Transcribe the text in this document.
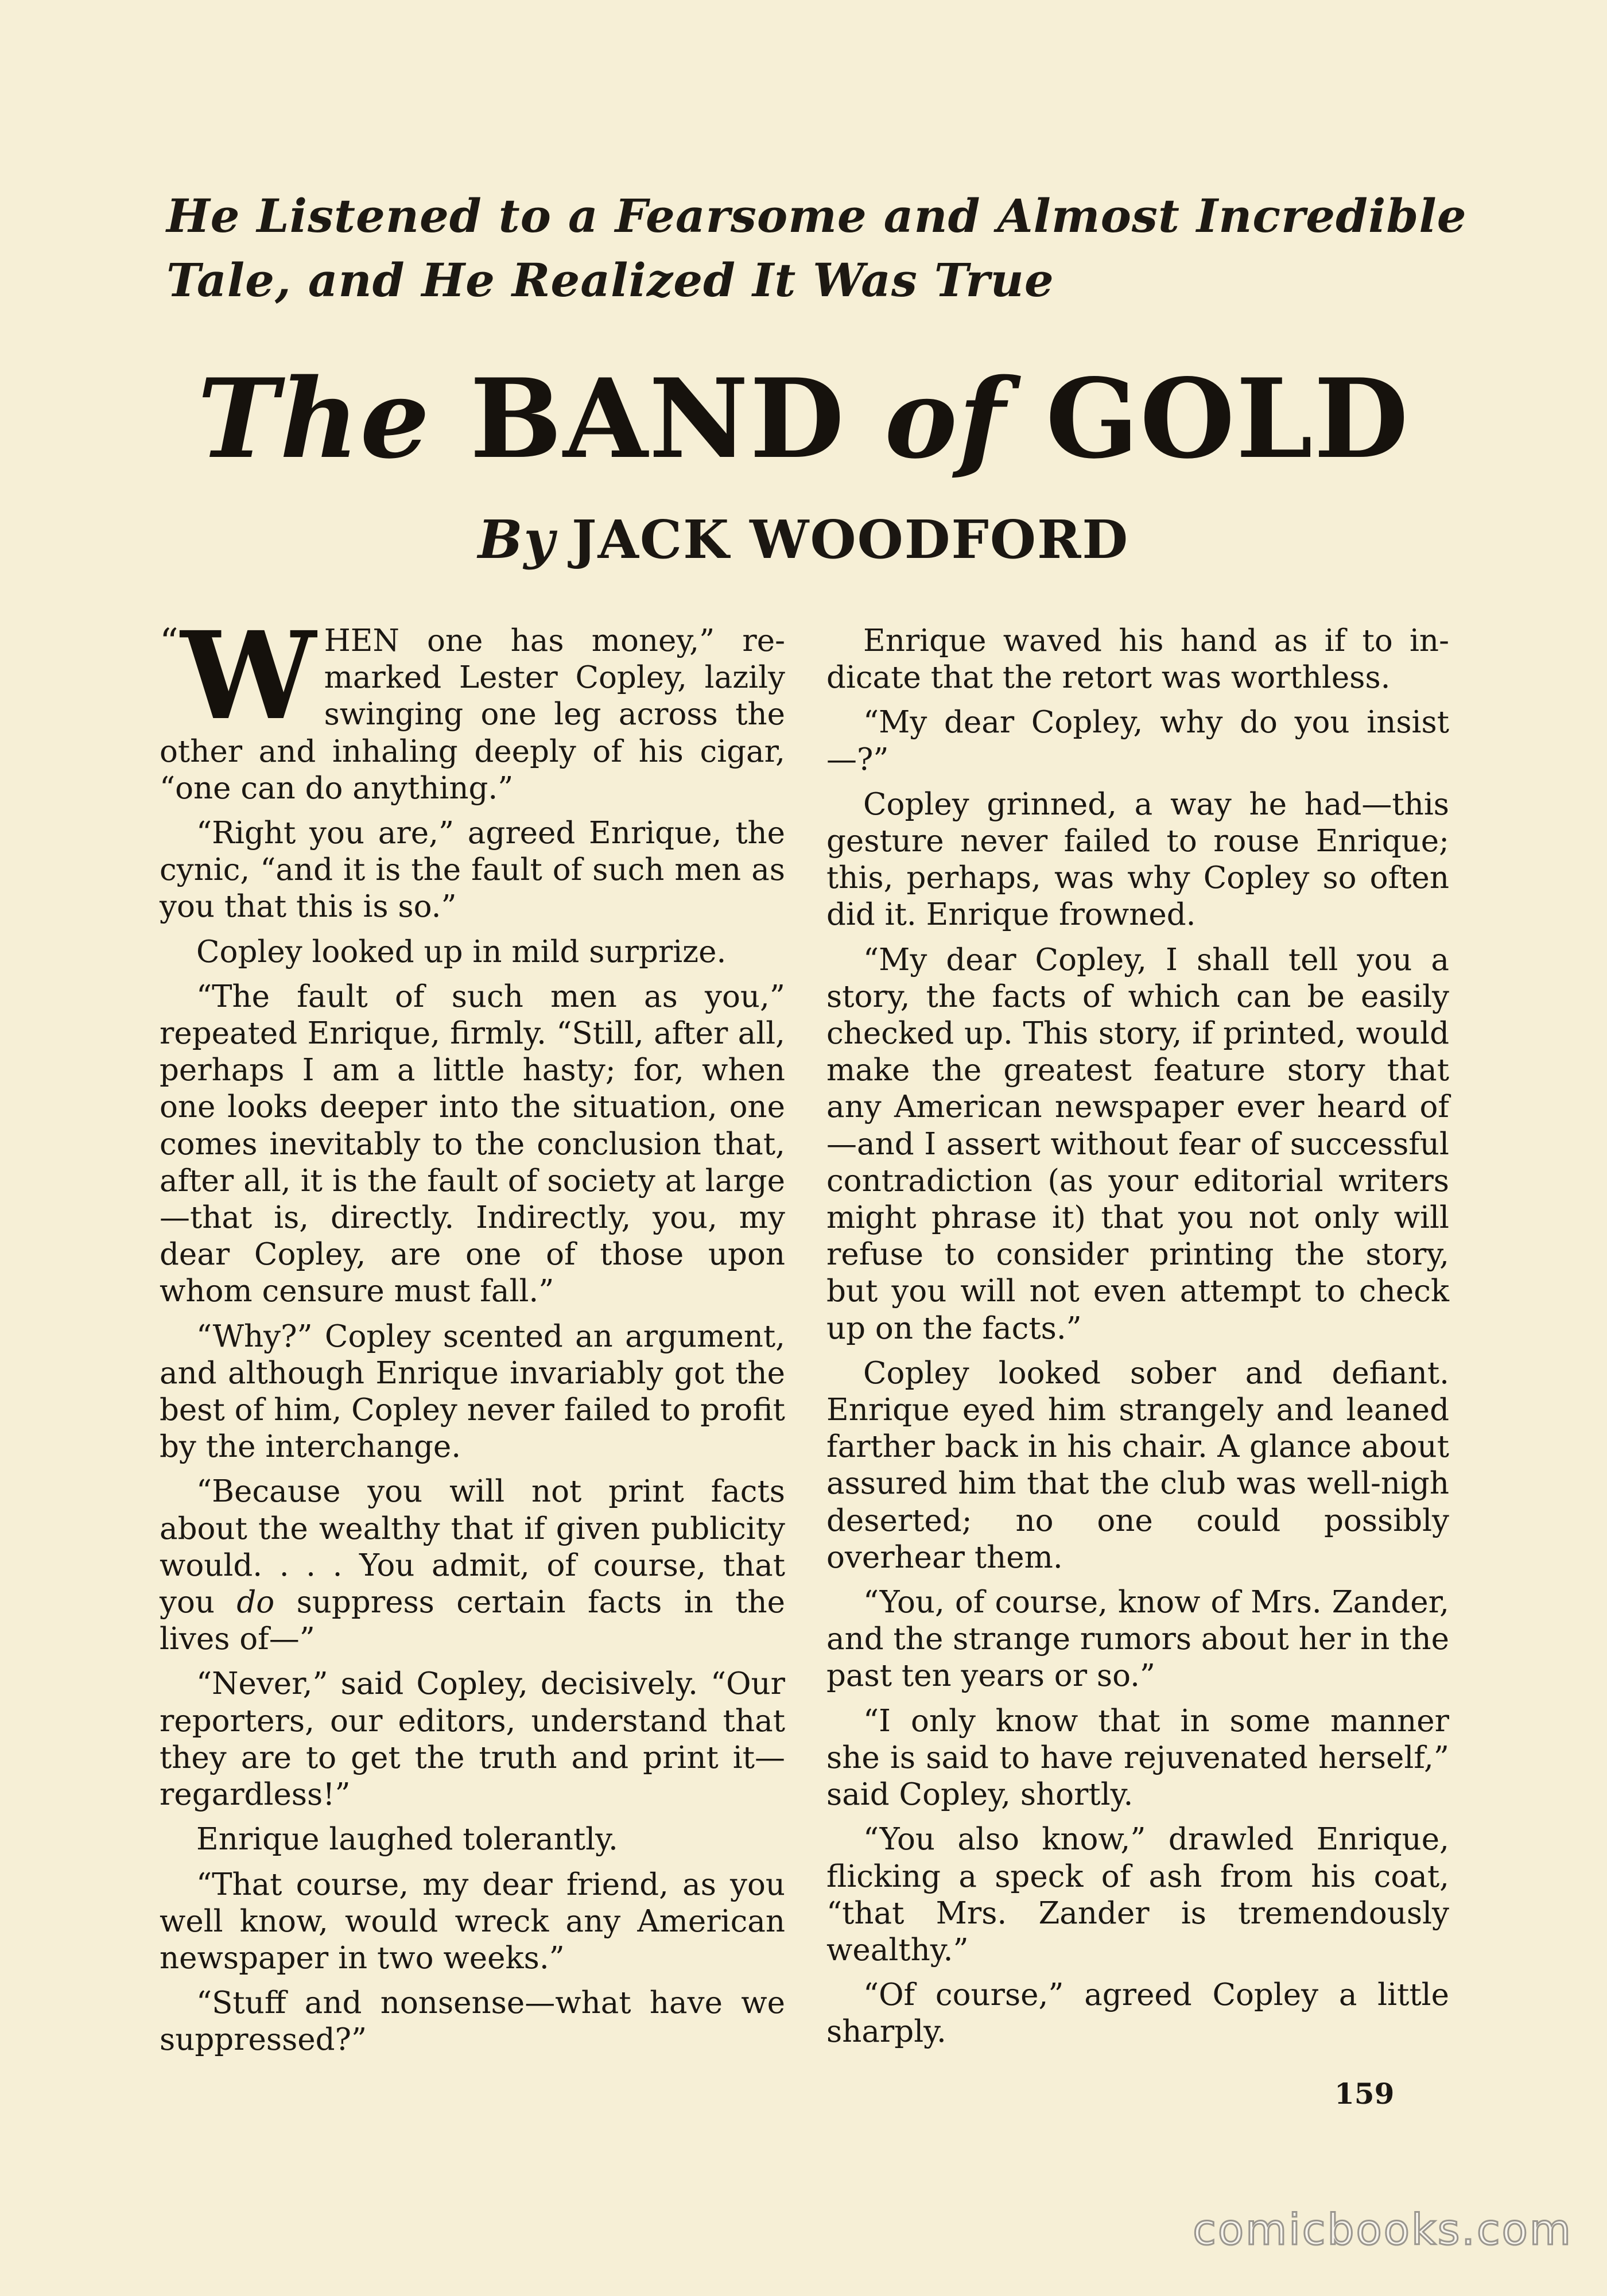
He Listened to a Fearsome and Almost Incredible
Tale, and He Realized It Was True
The BAND of GOLD
By JACK WOODFORD

“ W HEN one has money,” remarked Lester Copley, lazily swinging one leg across the other and inhaling deeply of his cigar, “one can do anything.”

“Right you are,” agreed Enrique, the cynic, “and it is the fault of such men as you that this is so.”

Copley looked up in mild surprize.

“The fault of such men as you,” repeated Enrique, firmly. “Still, after all, perhaps I am a little hasty; for, when one looks deeper into the situation, one comes inevitably to the conclusion that, after all, it is the fault of society at large—that is, directly. Indirectly, you, my dear Copley, are one of those upon whom censure must fall.”

“Why?” Copley scented an argument, and although Enrique invariably got the best of him, Copley never failed to profit by the interchange.

“Because you will not print facts about the wealthy that if given publicity would. . . . You admit, of course, that you do suppress certain facts in the lives of—”

“Never,” said Copley, decisively. “Our reporters, our editors, understand that they are to get the truth and print it—regardless!”

Enrique laughed tolerantly.

“That course, my dear friend, as you well know, would wreck any American newspaper in two weeks.”

“Stuff and nonsense—what have we suppressed?”

Enrique waved his hand as if to indicate that the retort was worthless.

“My dear Copley, why do you insist—?”

Copley grinned, a way he had—this gesture never failed to rouse Enrique; this, perhaps, was why Copley so often did it. Enrique frowned.

“My dear Copley, I shall tell you a story, the facts of which can be easily checked up. This story, if printed, would make the greatest feature story that any American newspaper ever heard of—and I assert without fear of successful contradiction (as your editorial writers might phrase it) that you not only will refuse to consider printing the story, but you will not even attempt to check up on the facts.”

Copley looked sober and defiant. Enrique eyed him strangely and leaned farther back in his chair. A glance about assured him that the club was well-nigh deserted; no one could possibly overhear them.

“You, of course, know of Mrs. Zander, and the strange rumors about her in the past ten years or so.”

“I only know that in some manner she is said to have rejuvenated herself,” said Copley, shortly.

“You also know,” drawled Enrique, flicking a speck of ash from his coat, “that Mrs. Zander is tremendously wealthy.”

“Of course,” agreed Copley a little sharply.

159
comicbooks.com
